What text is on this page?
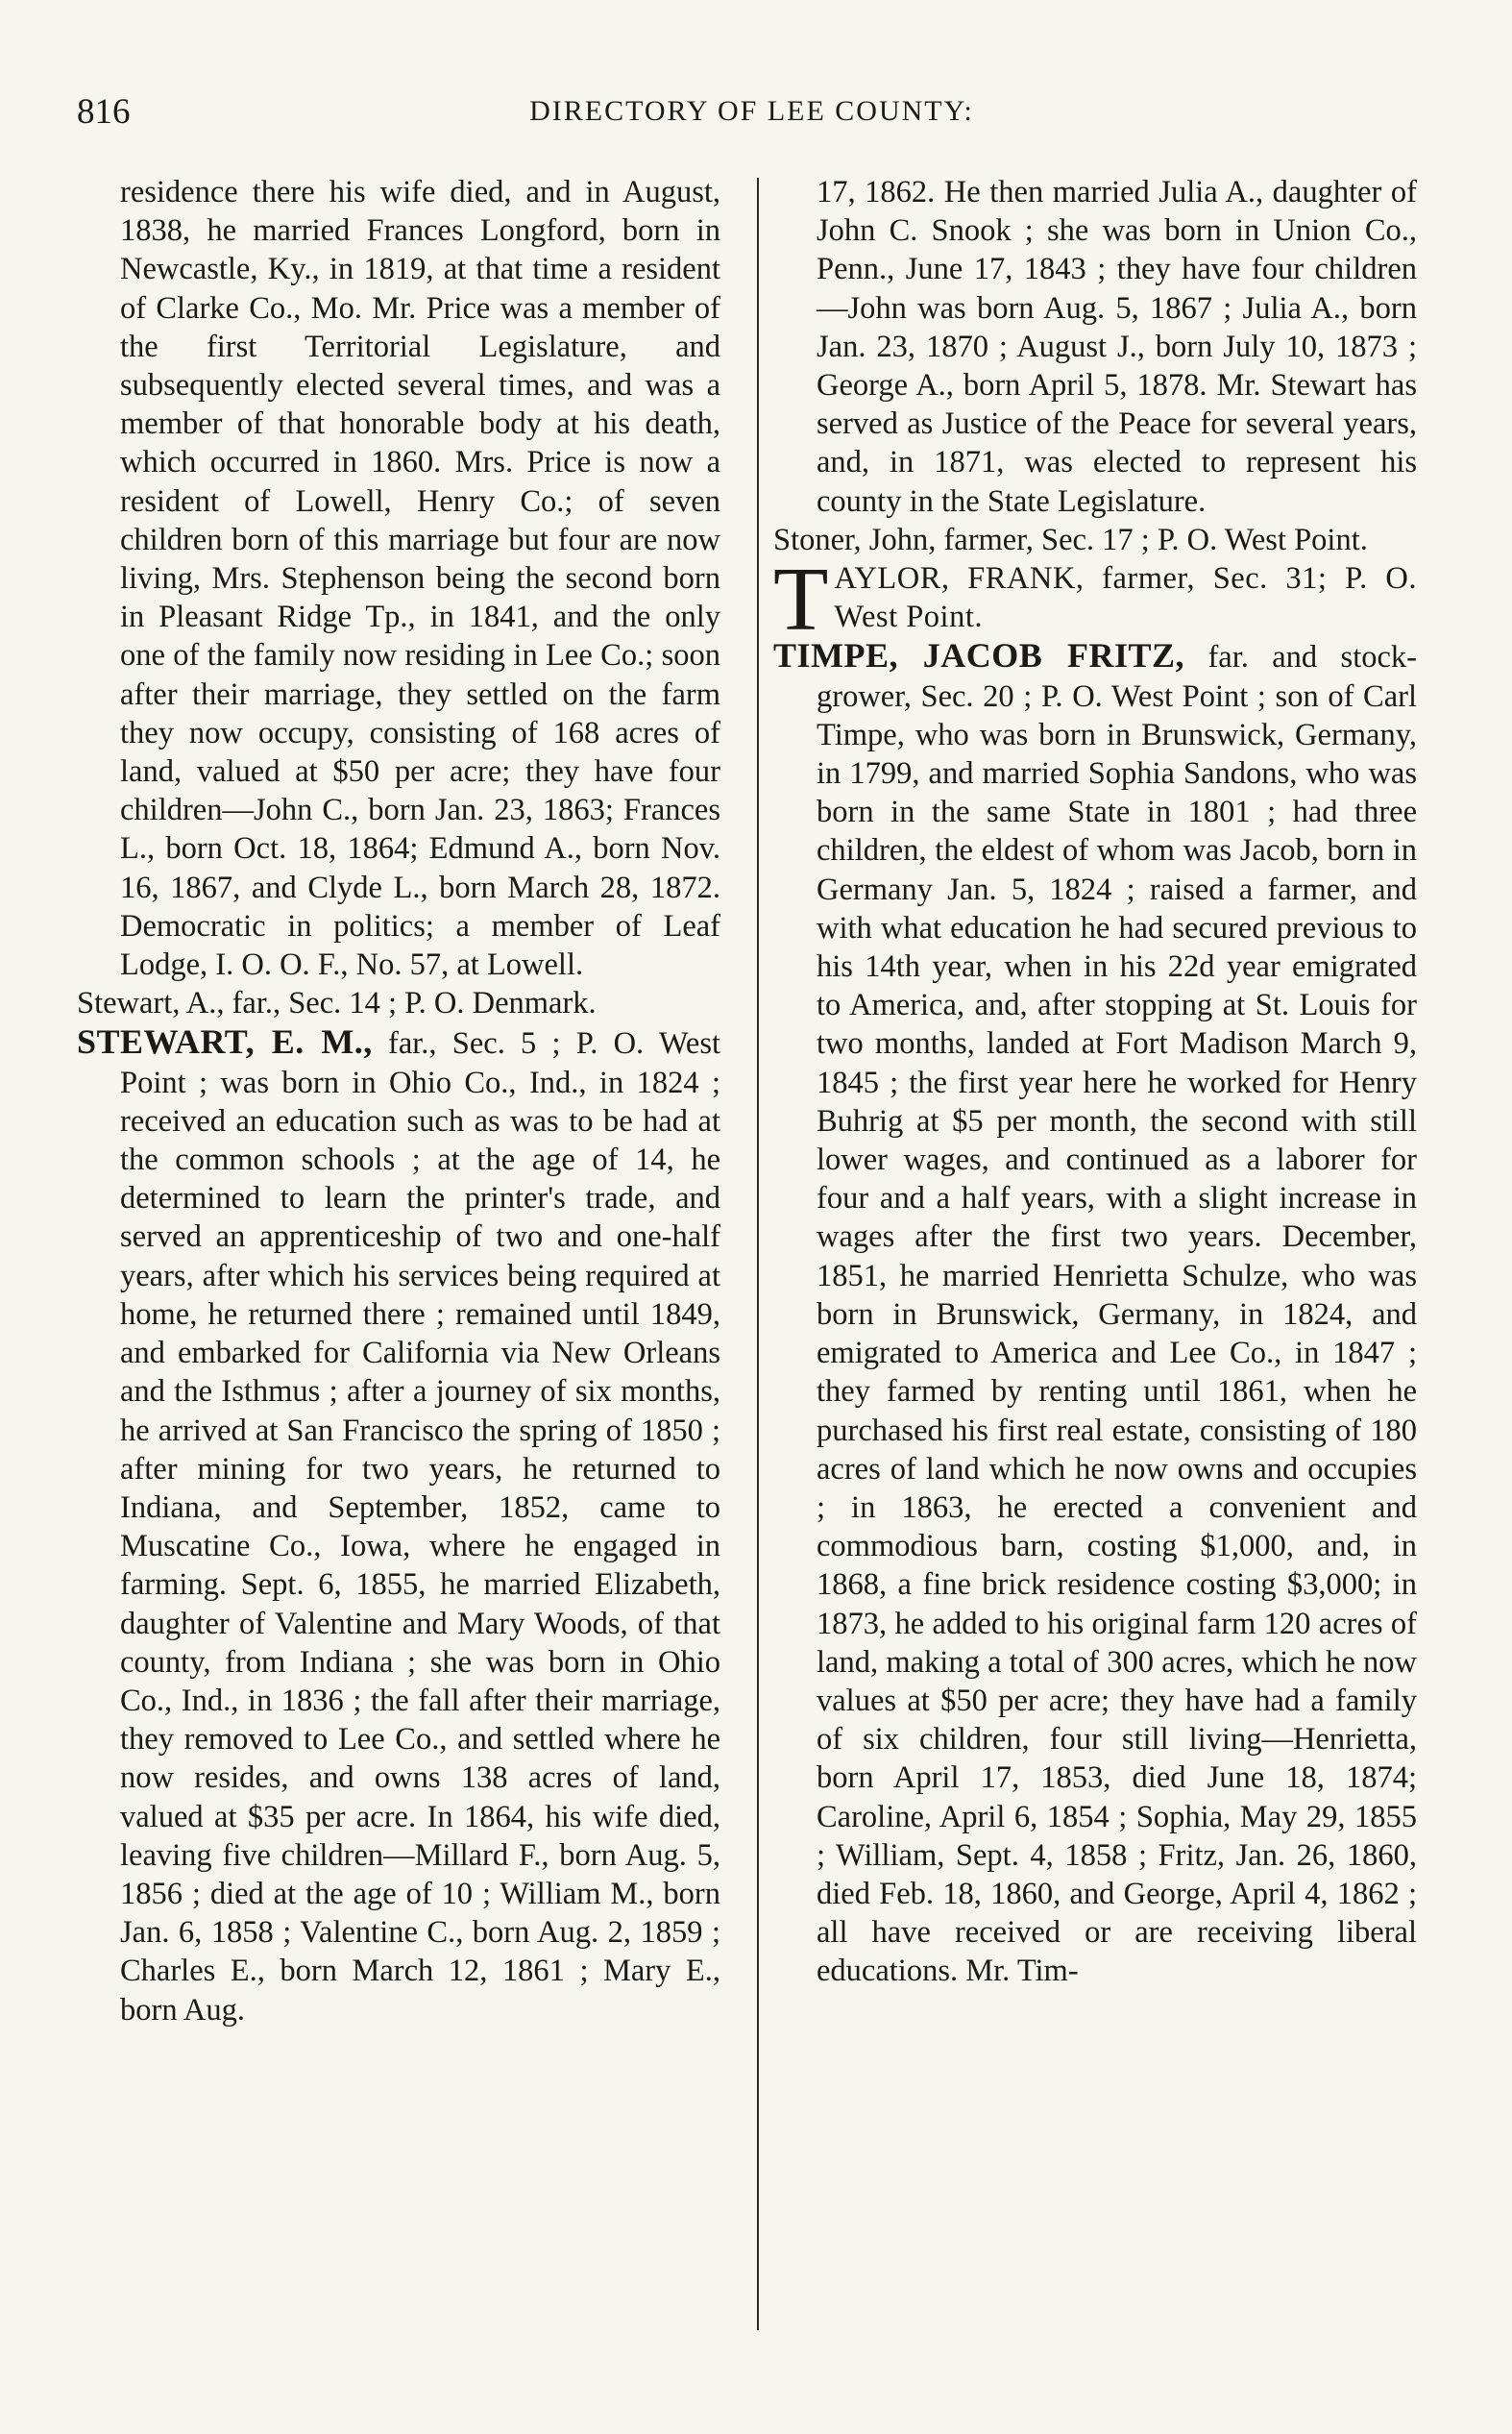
816	DIRECTORY OF LEE COUNTY:

residence there his wife died, and in August, 1838, he married Frances Longford, born in Newcastle, Ky., in 1819, at that time a resident of Clarke Co., Mo. Mr. Price was a member of the first Territorial Legislature, and subsequently elected several times, and was a member of that honorable body at his death, which occurred in 1860. Mrs. Price is now a resident of Lowell, Henry Co.; of seven children born of this marriage but four are now living, Mrs. Stephenson being the second born in Pleasant Ridge Tp., in 1841, and the only one of the family now residing in Lee Co.; soon after their marriage, they settled on the farm they now occupy, consisting of 168 acres of land, valued at $50 per acre; they have four children—John C., born Jan. 23, 1863; Frances L., born Oct. 18, 1864; Edmund A., born Nov. 16, 1867, and Clyde L., born March 28, 1872. Democratic in politics; a member of Leaf Lodge, I. O. O. F., No. 57, at Lowell.

Stewart, A., far., Sec. 14 ; P. O. Denmark.

STEWART, E. M., far., Sec. 5 ; P. O. West Point ; was born in Ohio Co., Ind., in 1824 ; received an education such as was to be had at the common schools ; at the age of 14, he determined to learn the printer's trade, and served an apprenticeship of two and one-half years, after which his services being required at home, he returned there ; remained until 1849, and embarked for California via New Orleans and the Isthmus ; after a journey of six months, he arrived at San Francisco the spring of 1850 ; after mining for two years, he returned to Indiana, and September, 1852, came to Muscatine Co., Iowa, where he engaged in farming. Sept. 6, 1855, he married Elizabeth, daughter of Valentine and Mary Woods, of that county, from Indiana ; she was born in Ohio Co., Ind., in 1836 ; the fall after their marriage, they removed to Lee Co., and settled where he now resides, and owns 138 acres of land, valued at $35 per acre. In 1864, his wife died, leaving five children—Millard F., born Aug. 5, 1856 ; died at the age of 10 ; William M., born Jan. 6, 1858 ; Valentine C., born Aug. 2, 1859 ; Charles E., born March 12, 1861 ; Mary E., born Aug.

17, 1862. He then married Julia A., daughter of John C. Snook ; she was born in Union Co., Penn., June 17, 1843 ; they have four children—John was born Aug. 5, 1867 ; Julia A., born Jan. 23, 1870 ; August J., born July 10, 1873 ; George A., born April 5, 1878. Mr. Stewart has served as Justice of the Peace for several years, and, in 1871, was elected to represent his county in the State Legislature.

Stoner, John, farmer, Sec. 17 ; P. O. West Point.

TAYLOR, FRANK, farmer, Sec. 31; P. O. West Point.

TIMPE, JACOB FRITZ, far. and stock-grower, Sec. 20 ; P. O. West Point ; son of Carl Timpe, who was born in Brunswick, Germany, in 1799, and married Sophia Sandons, who was born in the same State in 1801 ; had three children, the eldest of whom was Jacob, born in Germany Jan. 5, 1824 ; raised a farmer, and with what education he had secured previous to his 14th year, when in his 22d year emigrated to America, and, after stopping at St. Louis for two months, landed at Fort Madison March 9, 1845 ; the first year here he worked for Henry Buhrig at $5 per month, the second with still lower wages, and continued as a laborer for four and a half years, with a slight increase in wages after the first two years. December, 1851, he married Henrietta Schulze, who was born in Brunswick, Germany, in 1824, and emigrated to America and Lee Co., in 1847 ; they farmed by renting until 1861, when he purchased his first real estate, consisting of 180 acres of land which he now owns and occupies ; in 1863, he erected a convenient and commodious barn, costing $1,000, and, in 1868, a fine brick residence costing $3,000; in 1873, he added to his original farm 120 acres of land, making a total of 300 acres, which he now values at $50 per acre; they have had a family of six children, four still living—Henrietta, born April 17, 1853, died June 18, 1874; Caroline, April 6, 1854 ; Sophia, May 29, 1855 ; William, Sept. 4, 1858 ; Fritz, Jan. 26, 1860, died Feb. 18, 1860, and George, April 4, 1862 ; all have received or are receiving liberal educations. Mr. Tim-
